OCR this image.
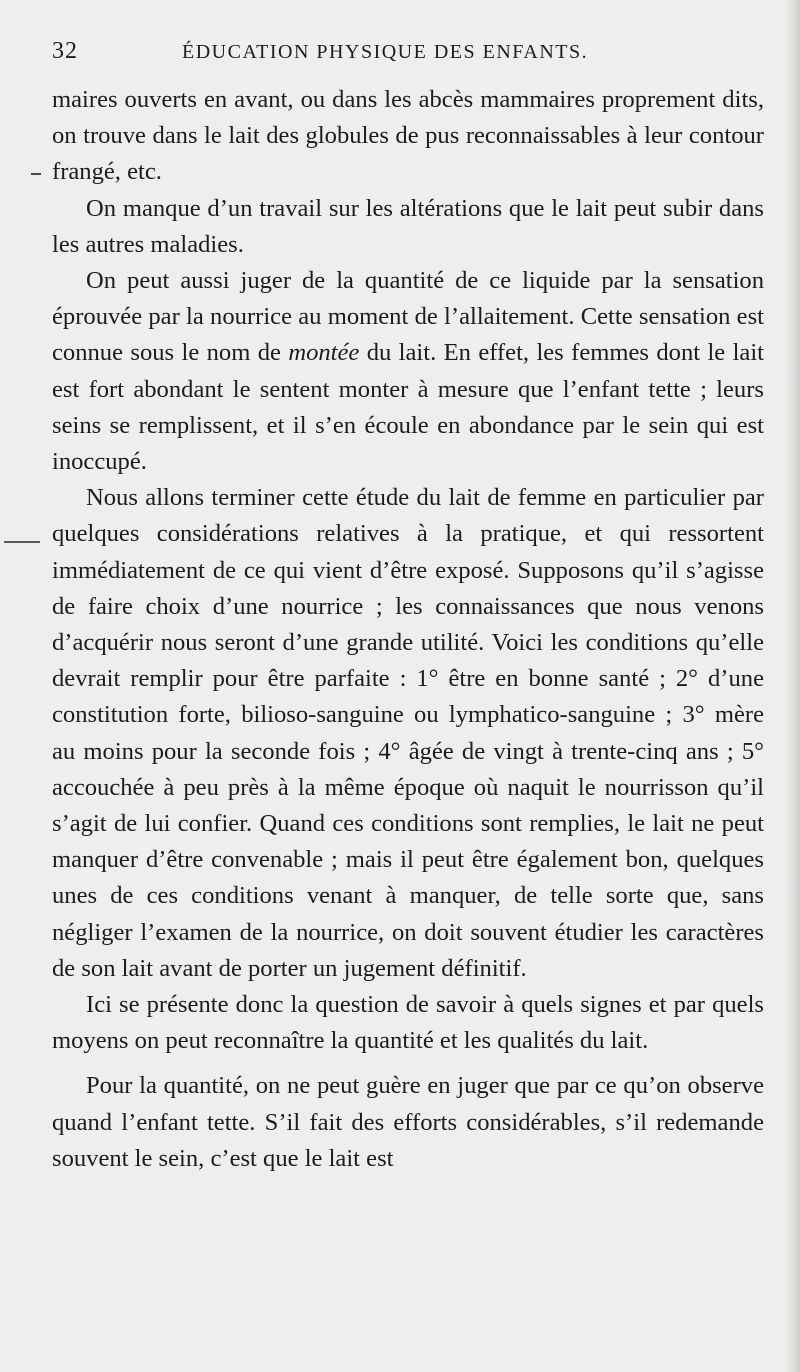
32	ÉDUCATION PHYSIQUE DES ENFANTS.

maires ouverts en avant, ou dans les abcès mammaires proprement dits, on trouve dans le lait des globules de pus reconnaissables à leur contour frangé, etc.

On manque d’un travail sur les altérations que le lait peut subir dans les autres maladies.

On peut aussi juger de la quantité de ce liquide par la sensation éprouvée par la nourrice au moment de l’allaitement. Cette sensation est connue sous le nom de montée du lait. En effet, les femmes dont le lait est fort abondant le sentent monter à mesure que l’enfant tette ; leurs seins se remplissent, et il s’en écoule en abondance par le sein qui est inoccupé.

Nous allons terminer cette étude du lait de femme en particulier par quelques considérations relatives à la pratique, et qui ressortent immédiatement de ce qui vient d’être exposé. Supposons qu’il s’agisse de faire choix d’une nourrice ; les connaissances que nous venons d’acquérir nous seront d’une grande utilité. Voici les conditions qu’elle devrait remplir pour être parfaite : 1° être en bonne santé ; 2° d’une constitution forte, bilioso-sanguine ou lymphatico-sanguine ; 3° mère au moins pour la seconde fois ; 4° âgée de vingt à trente-cinq ans ; 5° accouchée à peu près à la même époque où naquit le nourrisson qu’il s’agit de lui confier. Quand ces conditions sont remplies, le lait ne peut manquer d’être convenable ; mais il peut être également bon, quelques unes de ces conditions venant à manquer, de telle sorte que, sans négliger l’examen de la nourrice, on doit souvent étudier les caractères de son lait avant de porter un jugement définitif.

Ici se présente donc la question de savoir à quels signes et par quels moyens on peut reconnaître la quantité et les qualités du lait.

Pour la quantité, on ne peut guère en juger que par ce qu’on observe quand l’enfant tette. S’il fait des efforts considérables, s’il redemande souvent le sein, c’est que le lait est
